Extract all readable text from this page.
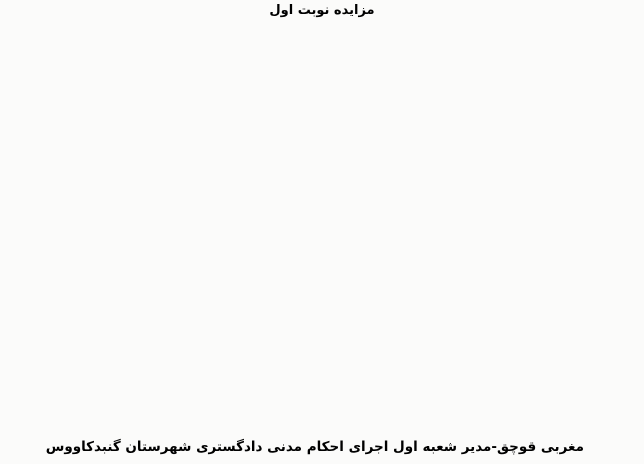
مزایده نوبت اول
مغربی قوچق-مدیر شعبه اول اجرای احکام مدنی دادگستری شهرستان گنبدکاووس
